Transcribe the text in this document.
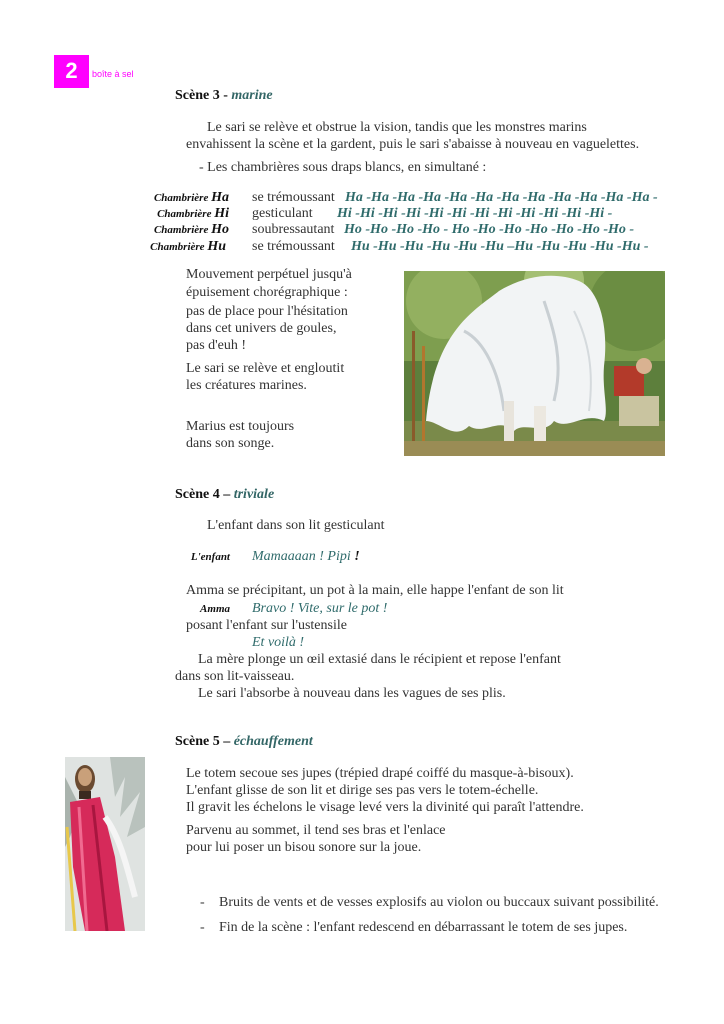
2	boîte à sel
Scène 3 - marine
Le sari se relève et obstrue la vision, tandis que les monstres marins
envahissent la scène et la gardent, puis le sari s'abaisse à nouveau en vaguelettes.
- Les chambrières sous draps blancs, en simultané :
Chambrière Ha se trémoussant Ha -Ha -Ha -Ha -Ha -Ha -Ha -Ha -Ha -Ha -Ha -Ha -
Chambrière Hi gesticulant Hi -Hi -Hi -Hi -Hi -Hi -Hi -Hi -Hi -Hi -Hi -Hi -
Chambrière Ho soubressautant Ho -Ho -Ho -Ho - Ho -Ho -Ho -Ho -Ho -Ho -Ho -
Chambrière Hu se trémoussant Hu -Hu -Hu -Hu -Hu -Hu –Hu -Hu -Hu -Hu -Hu -
Mouvement perpétuel jusqu'à
épuisement chorégraphique :
pas de place pour l'hésitation
dans cet univers de goules,
pas d'euh !
Le sari se relève et engloutit
les créatures marines.
Marius est toujours
dans son songe.
Scène 4 – triviale
L'enfant dans son lit gesticulant
L'enfant Mamaaaan ! Pipi !
Amma se précipitant, un pot à la main, elle happe l'enfant de son lit
Amma Bravo ! Vite, sur le pot !
posant l'enfant sur l'ustensile
Et voilà !
La mère plonge un œil extasié dans le récipient et repose l'enfant
dans son lit-vaisseau.
Le sari l'absorbe à nouveau dans les vagues de ses plis.
Scène 5 – échauffement
Le totem secoue ses jupes (trépied drapé coiffé du masque-à-bisoux).
L'enfant glisse de son lit et dirige ses pas vers le totem-échelle.
Il gravit les échelons le visage levé vers la divinité qui paraît l'attendre.
Parvenu au sommet, il tend ses bras et l'enlace
pour lui poser un bisou sonore sur la joue.
- Bruits de vents et de vesses explosifs au violon ou buccaux suivant possibilité.
- Fin de la scène : l'enfant redescend en débarrassant le totem de ses jupes.
